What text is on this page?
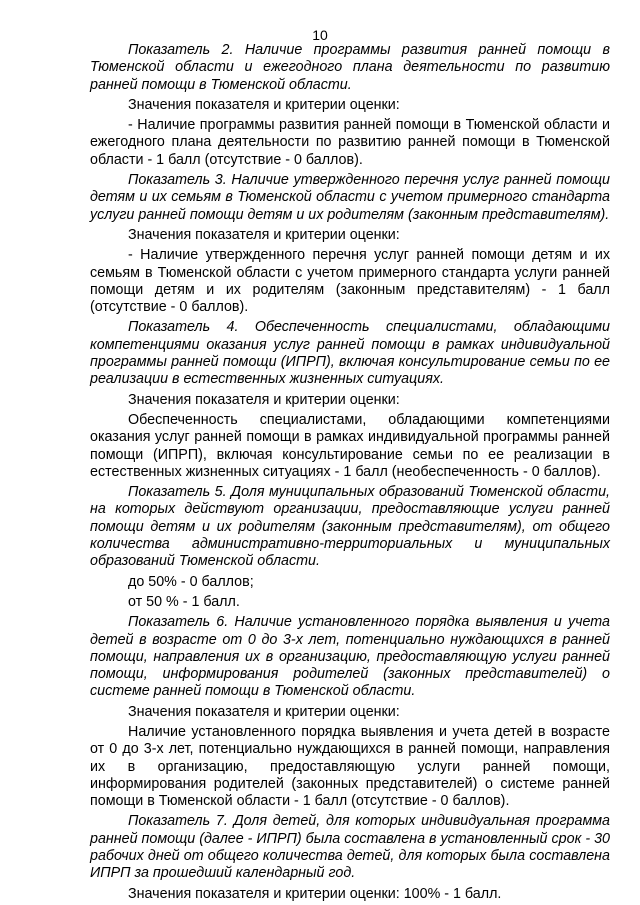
10

Показатель 2. Наличие программы развития ранней помощи в Тюменской области и ежегодного плана деятельности по развитию ранней помощи в Тюменской области.

Значения показателя и критерии оценки:

- Наличие программы развития ранней помощи в Тюменской области и ежегодного плана деятельности по развитию ранней помощи в Тюменской области - 1 балл (отсутствие - 0 баллов).

Показатель 3. Наличие утвержденного перечня услуг ранней помощи детям и их семьям в Тюменской области с учетом примерного стандарта услуги ранней помощи детям и их родителям (законным представителям).

Значения показателя и критерии оценки:

- Наличие утвержденного перечня услуг ранней помощи детям и их семьям в Тюменской области с учетом примерного стандарта услуги ранней помощи детям и их родителям (законным представителям) - 1 балл (отсутствие - 0 баллов).

Показатель 4. Обеспеченность специалистами, обладающими компетенциями оказания услуг ранней помощи в рамках индивидуальной программы ранней помощи (ИПРП), включая консультирование семьи по ее реализации в естественных жизненных ситуациях.

Значения показателя и критерии оценки:

Обеспеченность специалистами, обладающими компетенциями оказания услуг ранней помощи в рамках индивидуальной программы ранней помощи (ИПРП), включая консультирование семьи по ее реализации в естественных жизненных ситуациях - 1 балл (необеспеченность - 0 баллов).

Показатель 5. Доля муниципальных образований Тюменской области, на которых действуют организации, предоставляющие услуги ранней помощи детям и их родителям (законным представителям), от общего количества административно-территориальных и муниципальных образований Тюменской области.

до 50% - 0 баллов;

от 50 % - 1 балл.

Показатель 6. Наличие установленного порядка выявления и учета детей в возрасте от 0 до 3-х лет, потенциально нуждающихся в ранней помощи, направления их в организацию, предоставляющую услуги ранней помощи, информирования родителей (законных представителей) о системе ранней помощи в Тюменской области.

Значения показателя и критерии оценки:

Наличие установленного порядка выявления и учета детей в возрасте от 0 до 3-х лет, потенциально нуждающихся в ранней помощи, направления их в организацию, предоставляющую услуги ранней помощи, информирования родителей (законных представителей) о системе ранней помощи в Тюменской области - 1 балл (отсутствие - 0 баллов).

Показатель 7. Доля детей, для которых индивидуальная программа ранней помощи (далее - ИПРП) была составлена в установленный срок - 30 рабочих дней от общего количества детей, для которых была составлена ИПРП за прошедший календарный год.

Значения показателя и критерии оценки: 100% - 1 балл.
